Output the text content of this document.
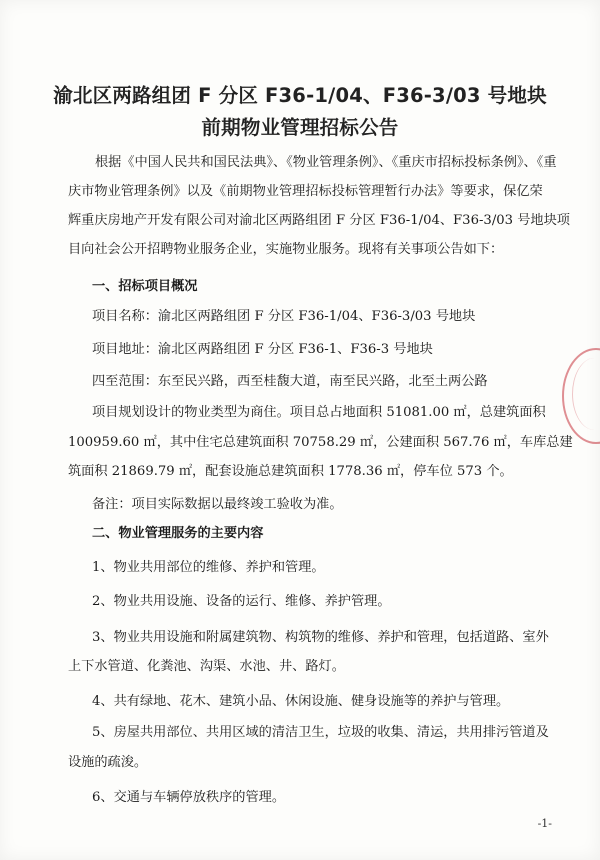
渝北区两路组团 F 分区 F36-1/04、F36-3/03 号地块
前期物业管理招标公告
根据《中国人民共和国民法典》、《物业管理条例》、《重庆市招标投标条例》、《重
庆市物业管理条例》以及《前期物业管理招标投标管理暂行办法》等要求，保亿荣
辉重庆房地产开发有限公司对渝北区两路组团 F 分区 F36-1/04、F36-3/03 号地块项
目向社会公开招聘物业服务企业，实施物业服务。现将有关事项公告如下：
一、招标项目概况
项目名称：渝北区两路组团 F 分区 F36-1/04、F36-3/03 号地块
项目地址：渝北区两路组团 F 分区 F36-1、F36-3 号地块
四至范围：东至民兴路，西至桂馥大道，南至民兴路，北至土两公路
项目规划设计的物业类型为商住。项目总占地面积 51081.00 ㎡，总建筑面积
100959.60 ㎡，其中住宅总建筑面积 70758.29 ㎡，公建面积 567.76 ㎡，车库总建
筑面积 21869.79 ㎡，配套设施总建筑面积 1778.36 ㎡，停车位 573 个。
备注：项目实际数据以最终竣工验收为准。
二、物业管理服务的主要内容
1、物业共用部位的维修、养护和管理。
2、物业共用设施、设备的运行、维修、养护管理。
3、物业共用设施和附属建筑物、构筑物的维修、养护和管理，包括道路、室外
上下水管道、化粪池、沟渠、水池、井、路灯。
4、共有绿地、花木、建筑小品、休闲设施、健身设施等的养护与管理。
5、房屋共用部位、共用区域的清洁卫生，垃圾的收集、清运，共用排污管道及
设施的疏浚。
6、交通与车辆停放秩序的管理。
-1-
